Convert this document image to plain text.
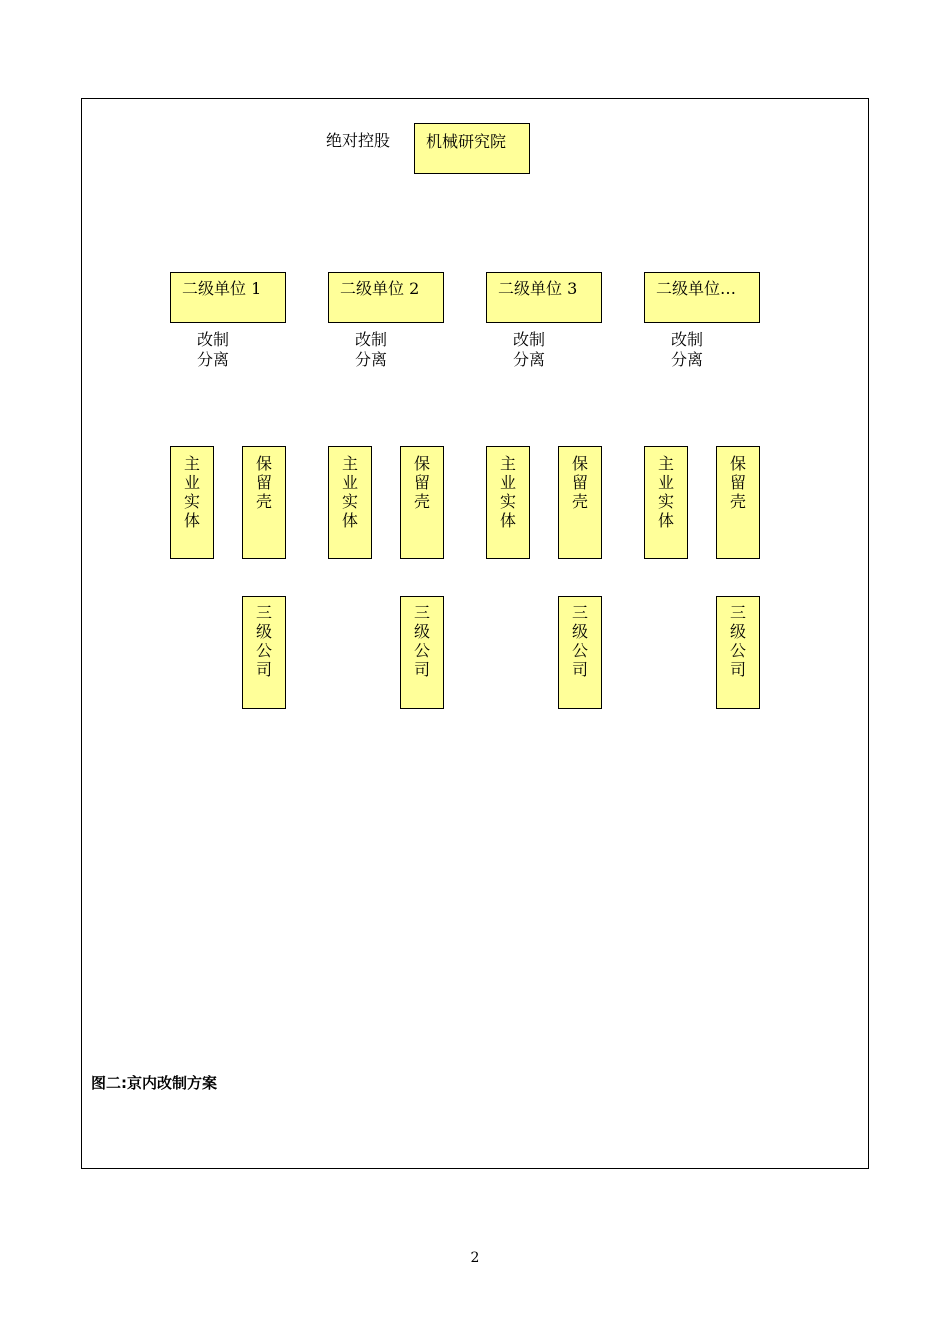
绝对控股	机械研究院
二级单位 1
改制
分离
主
业
实
体
保
留
壳
三
级
公
司
二级单位 2
改制
分离
主
业
实
体
保
留
壳
三
级
公
司
二级单位 3
改制
分离
主
业
实
体
保
留
壳
三
级
公
司
二级单位…
改制
分离
主
业
实
体
保
留
壳
三
级
公
司
图二:京内改制方案
2
